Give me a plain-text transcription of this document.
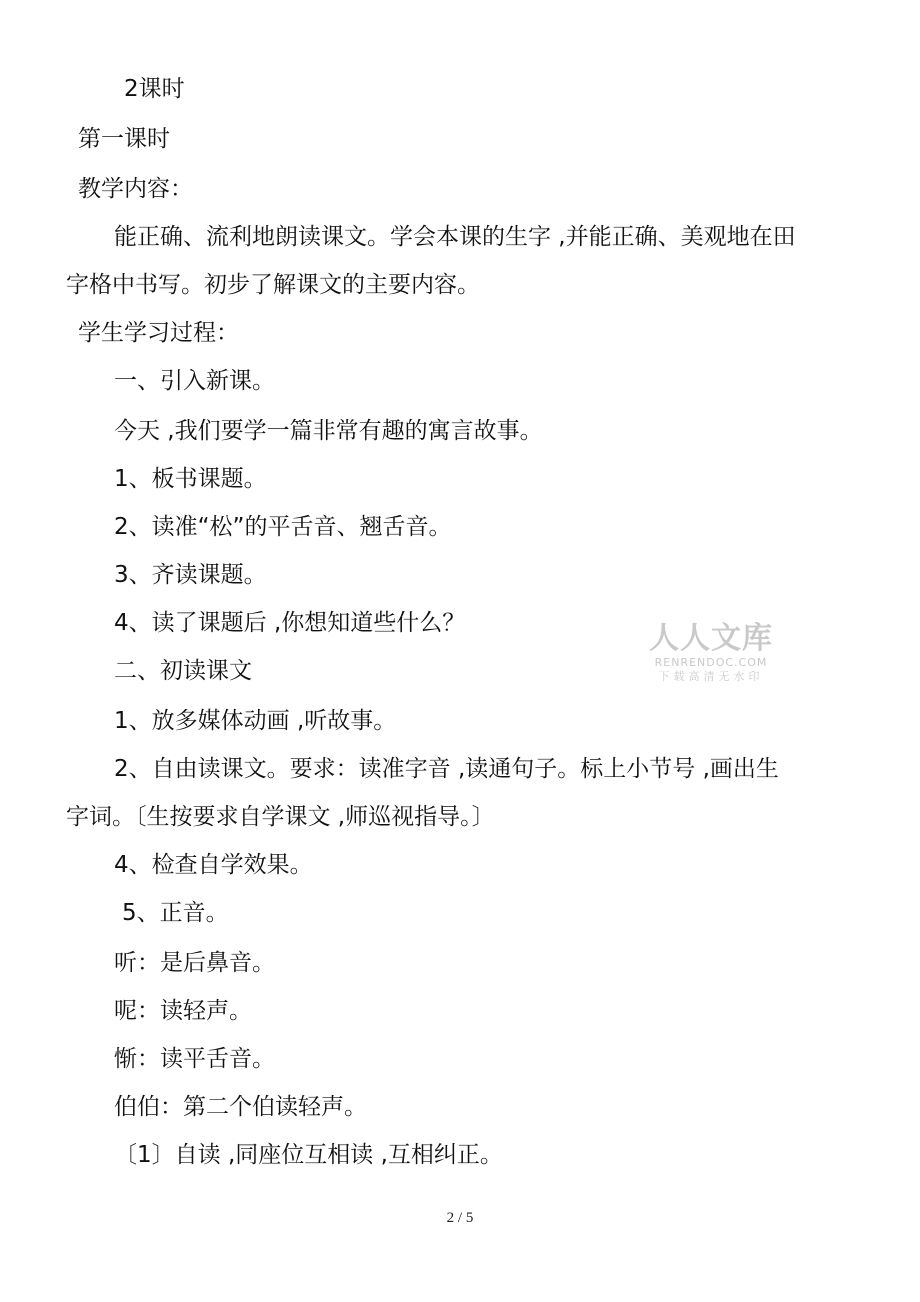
2课时
第一课时
教学内容：
能正确、流利地朗读课文。学会本课的生字 ,并能正确、美观地在田
字格中书写。初步了解课文的主要内容。
学生学习过程：
一、引入新课。
今天 ,我们要学一篇非常有趣的寓言故事。
1、板书课题。
2、读准“松”的平舌音、翘舌音。
3、齐读课题。
4、读了课题后 ,你想知道些什么？
二、初读课文
1、放多媒体动画 ,听故事。
2、自由读课文。要求：读准字音 ,读通句子。标上小节号 ,画出生
字词。〔生按要求自学课文 ,师巡视指导。〕
4、检查自学效果。
5、正音。
听：是后鼻音。
呢：读轻声。
惭：读平舌音。
伯伯：第二个伯读轻声。
〔1〕自读 ,同座位互相读 ,互相纠正。
人人文库
RENRENDOC.COM
下载高清无水印
2 / 5
